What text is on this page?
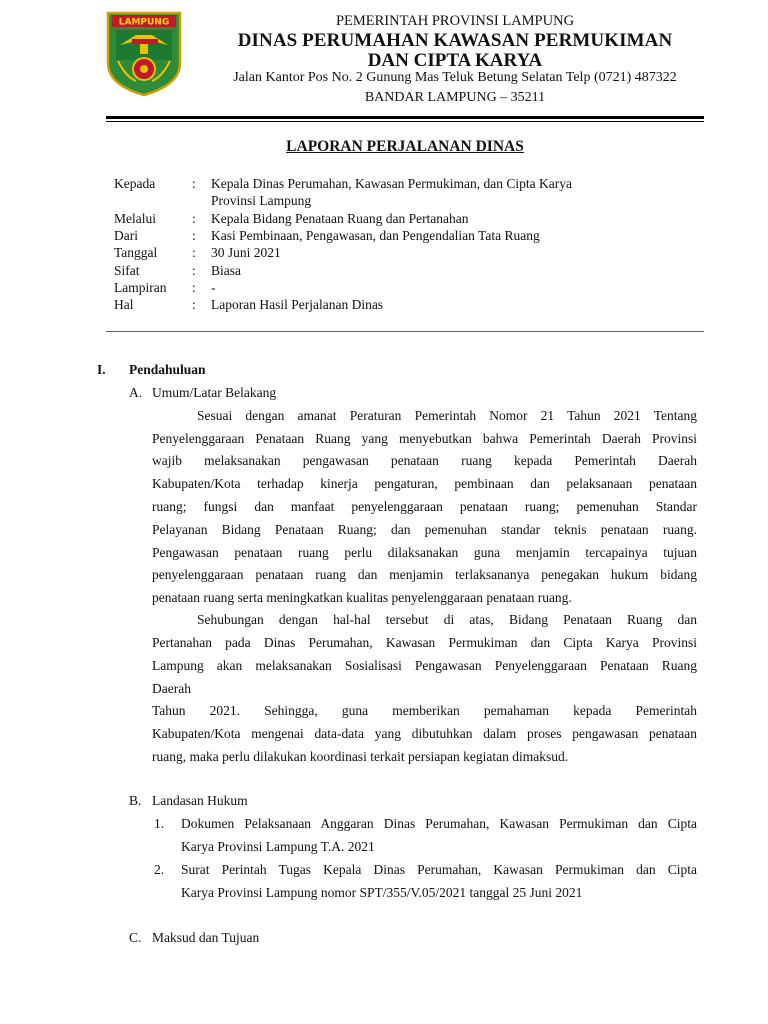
LAMPUNG	PEMERINTAH PROVINSI LAMPUNG
DINAS PERUMAHAN KAWASAN PERMUKIMAN
DAN CIPTA KARYA
Jalan Kantor Pos No. 2 Gunung Mas Teluk Betung Selatan Telp (0721) 487322
BANDAR LAMPUNG – 35211
LAPORAN PERJALANAN DINAS
Kepada	: Kepala Dinas Perumahan, Kawasan Permukiman, dan Cipta Karya
Provinsi Lampung
Melalui	: Kepala Bidang Penataan Ruang dan Pertanahan
Dari	: Kasi Pembinaan, Pengawasan, dan Pengendalian Tata Ruang
Tanggal	: 30 Juni 2021
Sifat	: Biasa
Lampiran : -
Hal	: Laporan Hasil Perjalanan Dinas
I. Pendahuluan
A. Umum/Latar Belakang
Sesuai dengan amanat Peraturan Pemerintah Nomor 21 Tahun 2021 Tentang
Penyelenggaraan Penataan Ruang yang menyebutkan bahwa Pemerintah Daerah Provinsi
wajib melaksanakan pengawasan penataan ruang kepada Pemerintah Daerah
Kabupaten/Kota terhadap kinerja pengaturan, pembinaan dan pelaksanaan penataan
ruang; fungsi dan manfaat penyelenggaraan penataan ruang; pemenuhan Standar
Pelayanan Bidang Penataan Ruang; dan pemenuhan standar teknis penataan ruang.
Pengawasan penataan ruang perlu dilaksanakan guna menjamin tercapainya tujuan
penyelenggaraan penataan ruang dan menjamin terlaksananya penegakan hukum bidang
penataan ruang serta meningkatkan kualitas penyelenggaraan penataan ruang.
Sehubungan dengan hal-hal tersebut di atas, Bidang Penataan Ruang dan
Pertanahan pada Dinas Perumahan, Kawasan Permukiman dan Cipta Karya Provinsi
Lampung akan melaksanakan Sosialisasi Pengawasan Penyelenggaraan Penataan Ruang
Daerah
Tahun 2021. Sehingga, guna memberikan pemahaman kepada Pemerintah
Kabupaten/Kota mengenai data-data yang dibutuhkan dalam proses pengawasan penataan
ruang, maka perlu dilakukan koordinasi terkait persiapan kegiatan dimaksud.
B. Landasan Hukum
1. Dokumen Pelaksanaan Anggaran Dinas Perumahan, Kawasan Permukiman dan Cipta
Karya Provinsi Lampung T.A. 2021
2. Surat Perintah Tugas Kepala Dinas Perumahan, Kawasan Permukiman dan Cipta
Karya Provinsi Lampung nomor SPT/355/V.05/2021 tanggal 25 Juni 2021
C. Maksud dan Tujuan
